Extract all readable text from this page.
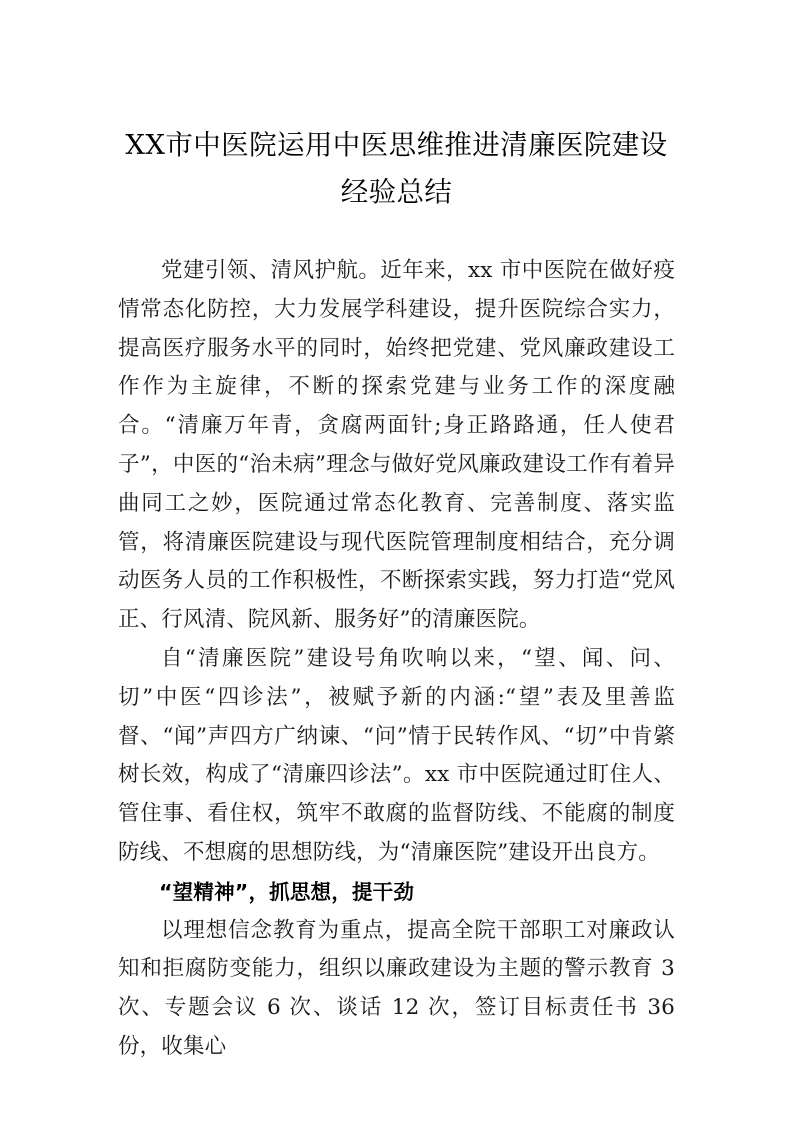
XX市中医院运用中医思维推进清廉医院建设经验总结

党建引领、清风护航。近年来，xx 市中医院在做好疫情常态化防控，大力发展学科建设，提升医院综合实力，提高医疗服务水平的同时，始终把党建、党风廉政建设工作作为主旋律，不断的探索党建与业务工作的深度融合。“清廉万年青，贪腐两面针;身正路路通，任人使君子”，中医的“治未病”理念与做好党风廉政建设工作有着异曲同工之妙，医院通过常态化教育、完善制度、落实监管，将清廉医院建设与现代医院管理制度相结合，充分调动医务人员的工作积极性，不断探索实践，努力打造“党风正、行风清、院风新、服务好”的清廉医院。

自“清廉医院”建设号角吹响以来，“望、闻、问、切”中医“四诊法”，被赋予新的内涵:“望”表及里善监督、“闻”声四方广纳谏、“问”情于民转作风、“切”中肯綮树长效，构成了“清廉四诊法”。xx 市中医院通过盯住人、管住事、看住权，筑牢不敢腐的监督防线、不能腐的制度防线、不想腐的思想防线，为“清廉医院”建设开出良方。

“望精神”，抓思想，提干劲

以理想信念教育为重点，提高全院干部职工对廉政认知和拒腐防变能力，组织以廉政建设为主题的警示教育 3 次、专题会议 6 次、谈话 12 次，签订目标责任书 36 份，收集心
